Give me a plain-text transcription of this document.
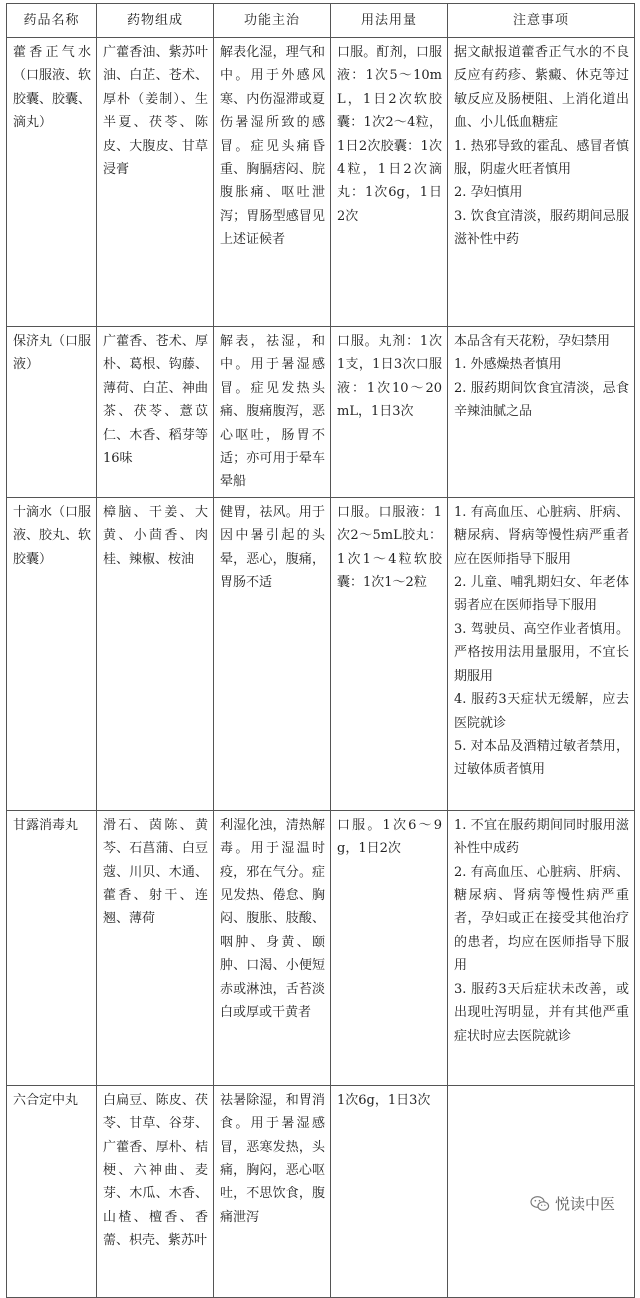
药品名称	药物组成	功能主治	用法用量	注意事项
藿香正气水（口服液、软胶囊、胶囊、滴丸）	广藿香油、紫苏叶油、白芷、苍术、厚朴（姜制）、生半夏、茯苓、陈皮、大腹皮、甘草浸膏	解表化湿，理气和中。用于外感风寒、内伤湿滞或夏伤暑湿所致的感冒。症见头痛昏重、胸膈痞闷、脘腹胀痛、呕吐泄泻；胃肠型感冒见上述证候者	口服。酊剂，口服液：1次5～10mL，1日2次软胶囊：1次2～4粒，1日2次胶囊：1次4粒，1日2次滴丸：1次6g，1日2次	据文献报道藿香正气水的不良反应有药疹、紫癜、休克等过敏反应及肠梗阻、上消化道出血、小儿低血糖症
1. 热邪导致的霍乱、感冒者慎服，阴虚火旺者慎用
2. 孕妇慎用
3. 饮食宜清淡，服药期间忌服滋补性中药

保济丸（口服液）	广藿香、苍术、厚朴、葛根、钩藤、薄荷、白芷、神曲茶、茯苓、薏苡仁、木香、稻芽等16味	解表，祛湿，和中。用于暑湿感冒。症见发热头痛、腹痛腹泻，恶心呕吐，肠胃不适；亦可用于晕车晕船	口服。丸剂：1次1支，1日3次口服液：1次10～20mL，1日3次	本品含有天花粉，孕妇禁用
1. 外感燥热者慎用
2. 服药期间饮食宜清淡，忌食辛辣油腻之品

十滴水（口服液、胶丸、软胶囊）	樟脑、干姜、大黄、小茴香、肉桂、辣椒、桉油	健胃，祛风。用于因中暑引起的头晕，恶心，腹痛，胃肠不适	口服。口服液：1次2～5mL胶丸：1次1～4粒软胶囊：1次1～2粒	1. 有高血压、心脏病、肝病、糖尿病、肾病等慢性病严重者应在医师指导下服用
2. 儿童、哺乳期妇女、年老体弱者应在医师指导下服用
3. 驾驶员、高空作业者慎用。严格按用法用量服用，不宜长期服用
4. 服药3天症状无缓解，应去医院就诊
5. 对本品及酒精过敏者禁用，过敏体质者慎用

甘露消毒丸	滑石、茵陈、黄芩、石菖蒲、白豆蔻、川贝、木通、藿香、射干、连翘、薄荷	利湿化浊，清热解毒。用于湿温时疫，邪在气分。症见发热、倦怠、胸闷、腹胀、肢酸、咽肿、身黄、颐肿、口渴、小便短赤或淋浊，舌苔淡白或厚或干黄者	口服。1次6～9g，1日2次	1. 不宜在服药期间同时服用滋补性中成药
2. 有高血压、心脏病、肝病、糖尿病、肾病等慢性病严重者，孕妇或正在接受其他治疗的患者，均应在医师指导下服用
3. 服药3天后症状未改善，或出现吐泻明显，并有其他严重症状时应去医院就诊

六合定中丸	白扁豆、陈皮、茯苓、甘草、谷芽、广藿香、厚朴、桔梗、六神曲、麦芽、木瓜、木香、山楂、檀香、香薷、枳壳、紫苏叶	祛暑除湿，和胃消食。用于暑湿感冒，恶寒发热，头痛，胸闷，恶心呕吐，不思饮食，腹痛泄泻	1次6g，1日3次	
悦读中医
